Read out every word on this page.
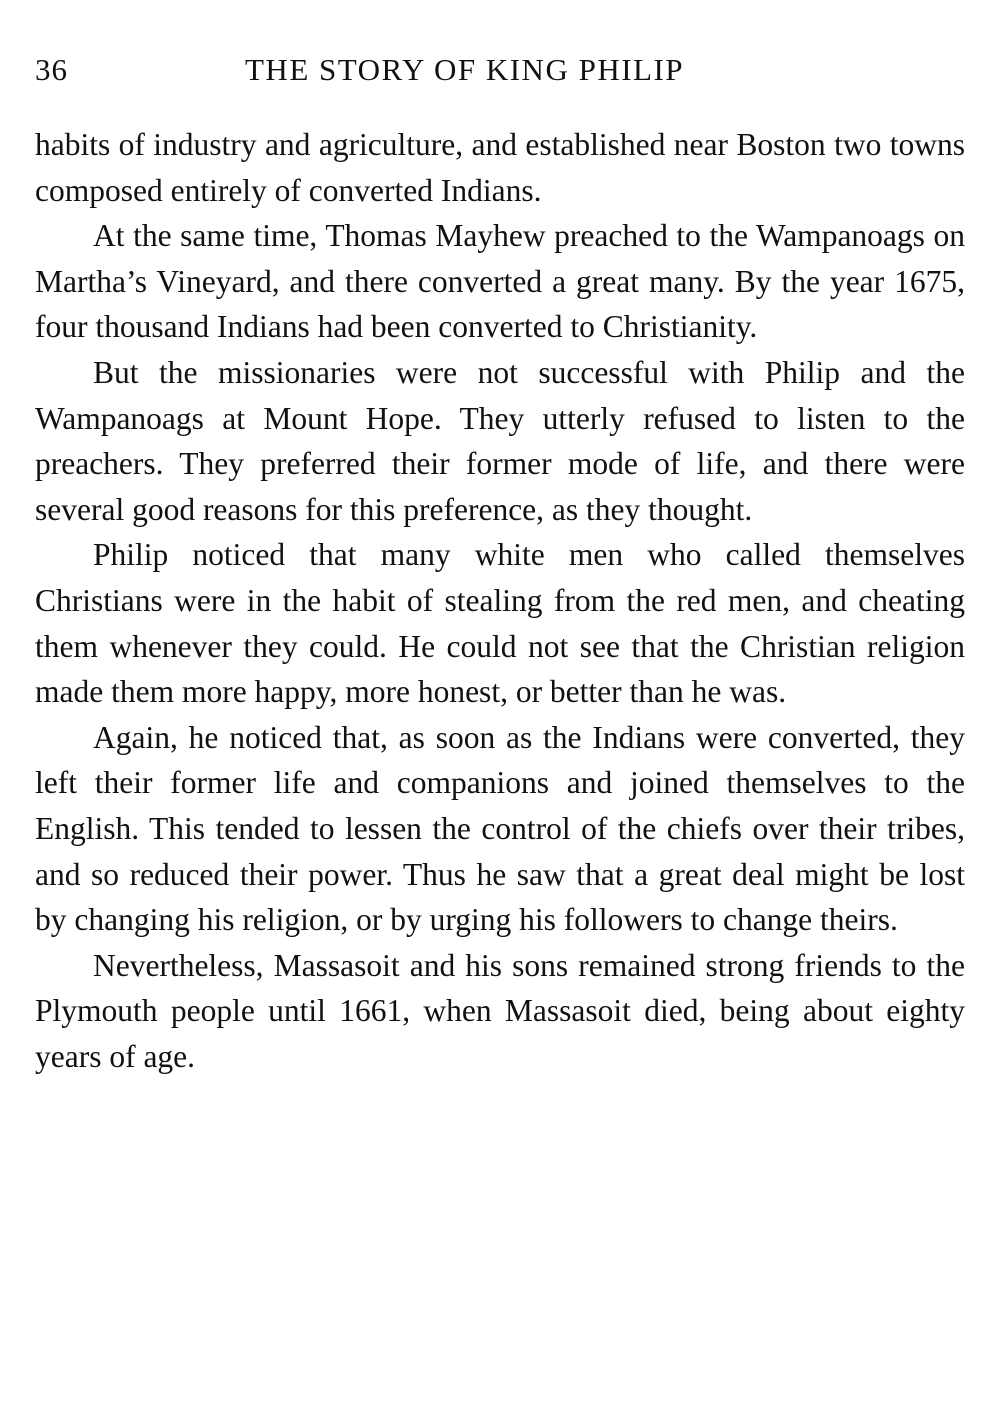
36	THE STORY OF KING PHILIP

habits of industry and agriculture, and established near Boston two towns composed entirely of converted Indians.

At the same time, Thomas Mayhew preached to the Wampanoags on Martha’s Vineyard, and there converted a great many. By the year 1675, four thousand Indians had been converted to Christianity.

But the missionaries were not successful with Philip and the Wampanoags at Mount Hope. They utterly refused to listen to the preachers. They preferred their former mode of life, and there were several good reasons for this preference, as they thought.

Philip noticed that many white men who called themselves Christians were in the habit of stealing from the red men, and cheating them whenever they could. He could not see that the Christian religion made them more happy, more honest, or better than he was.

Again, he noticed that, as soon as the Indians were converted, they left their former life and companions and joined themselves to the English. This tended to lessen the control of the chiefs over their tribes, and so reduced their power. Thus he saw that a great deal might be lost by changing his religion, or by urging his followers to change theirs.

Nevertheless, Massasoit and his sons remained strong friends to the Plymouth people until 1661, when Massasoit died, being about eighty years of age.
